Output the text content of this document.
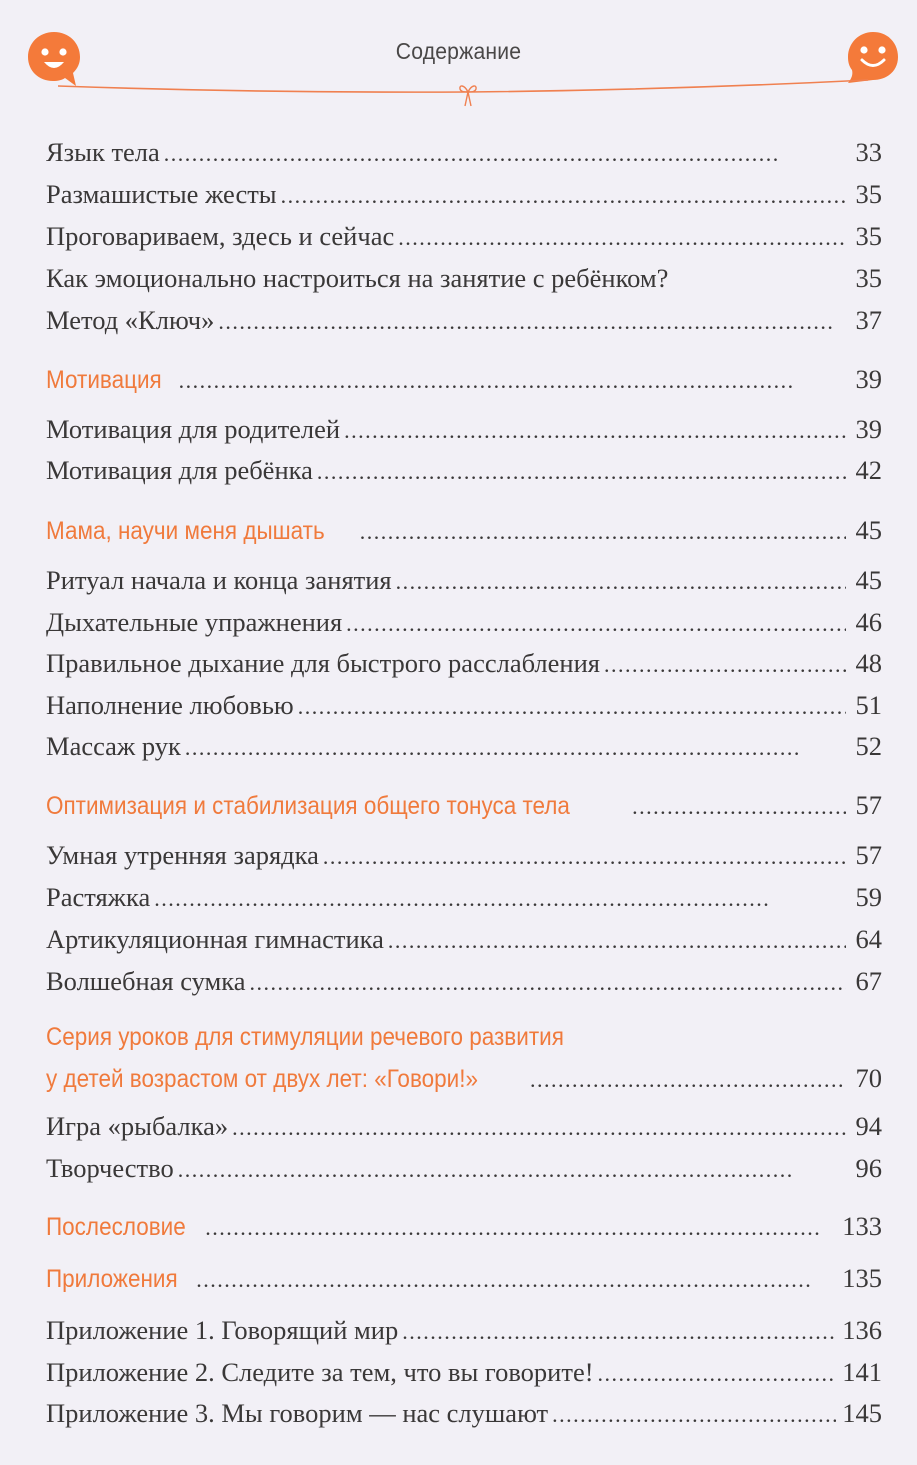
Содержание
Язык тела . . .	33
Размашистые жесты . . .	35
Проговариваем, здесь и сейчас . . .	35
Как эмоционально настроиться на занятие с ребёнком?	35
Метод «Ключ» . . .	37
Мотивация . . .	39
Мотивация для родителей . . .	39
Мотивация для ребёнка . . .	42
Мама, научи меня дышать . . .	45
Ритуал начала и конца занятия . . .	45
Дыхательные упражнения . . .	46
Правильное дыхание для быстрого расслабления . . .	48
Наполнение любовью . . .	51
Массаж рук . . .	52
Оптимизация и стабилизация общего тонуса тела . . .	57
Умная утренняя зарядка . . .	57
Растяжка . . .	59
Артикуляционная гимнастика . . .	64
Волшебная сумка . . .	67
Серия уроков для стимуляции речевого развития
у детей возрастом от двух лет: «Говори!» . . .	70
Игра «рыбалка» . . .	94
Творчество . . .	96
Послесловие . . .	133
Приложения . . .	135
Приложение 1. Говорящий мир . . .	136
Приложение 2. Следите за тем, что вы говорите! . . .	141
Приложение 3. Мы говорим — нас слушают . . .	145
